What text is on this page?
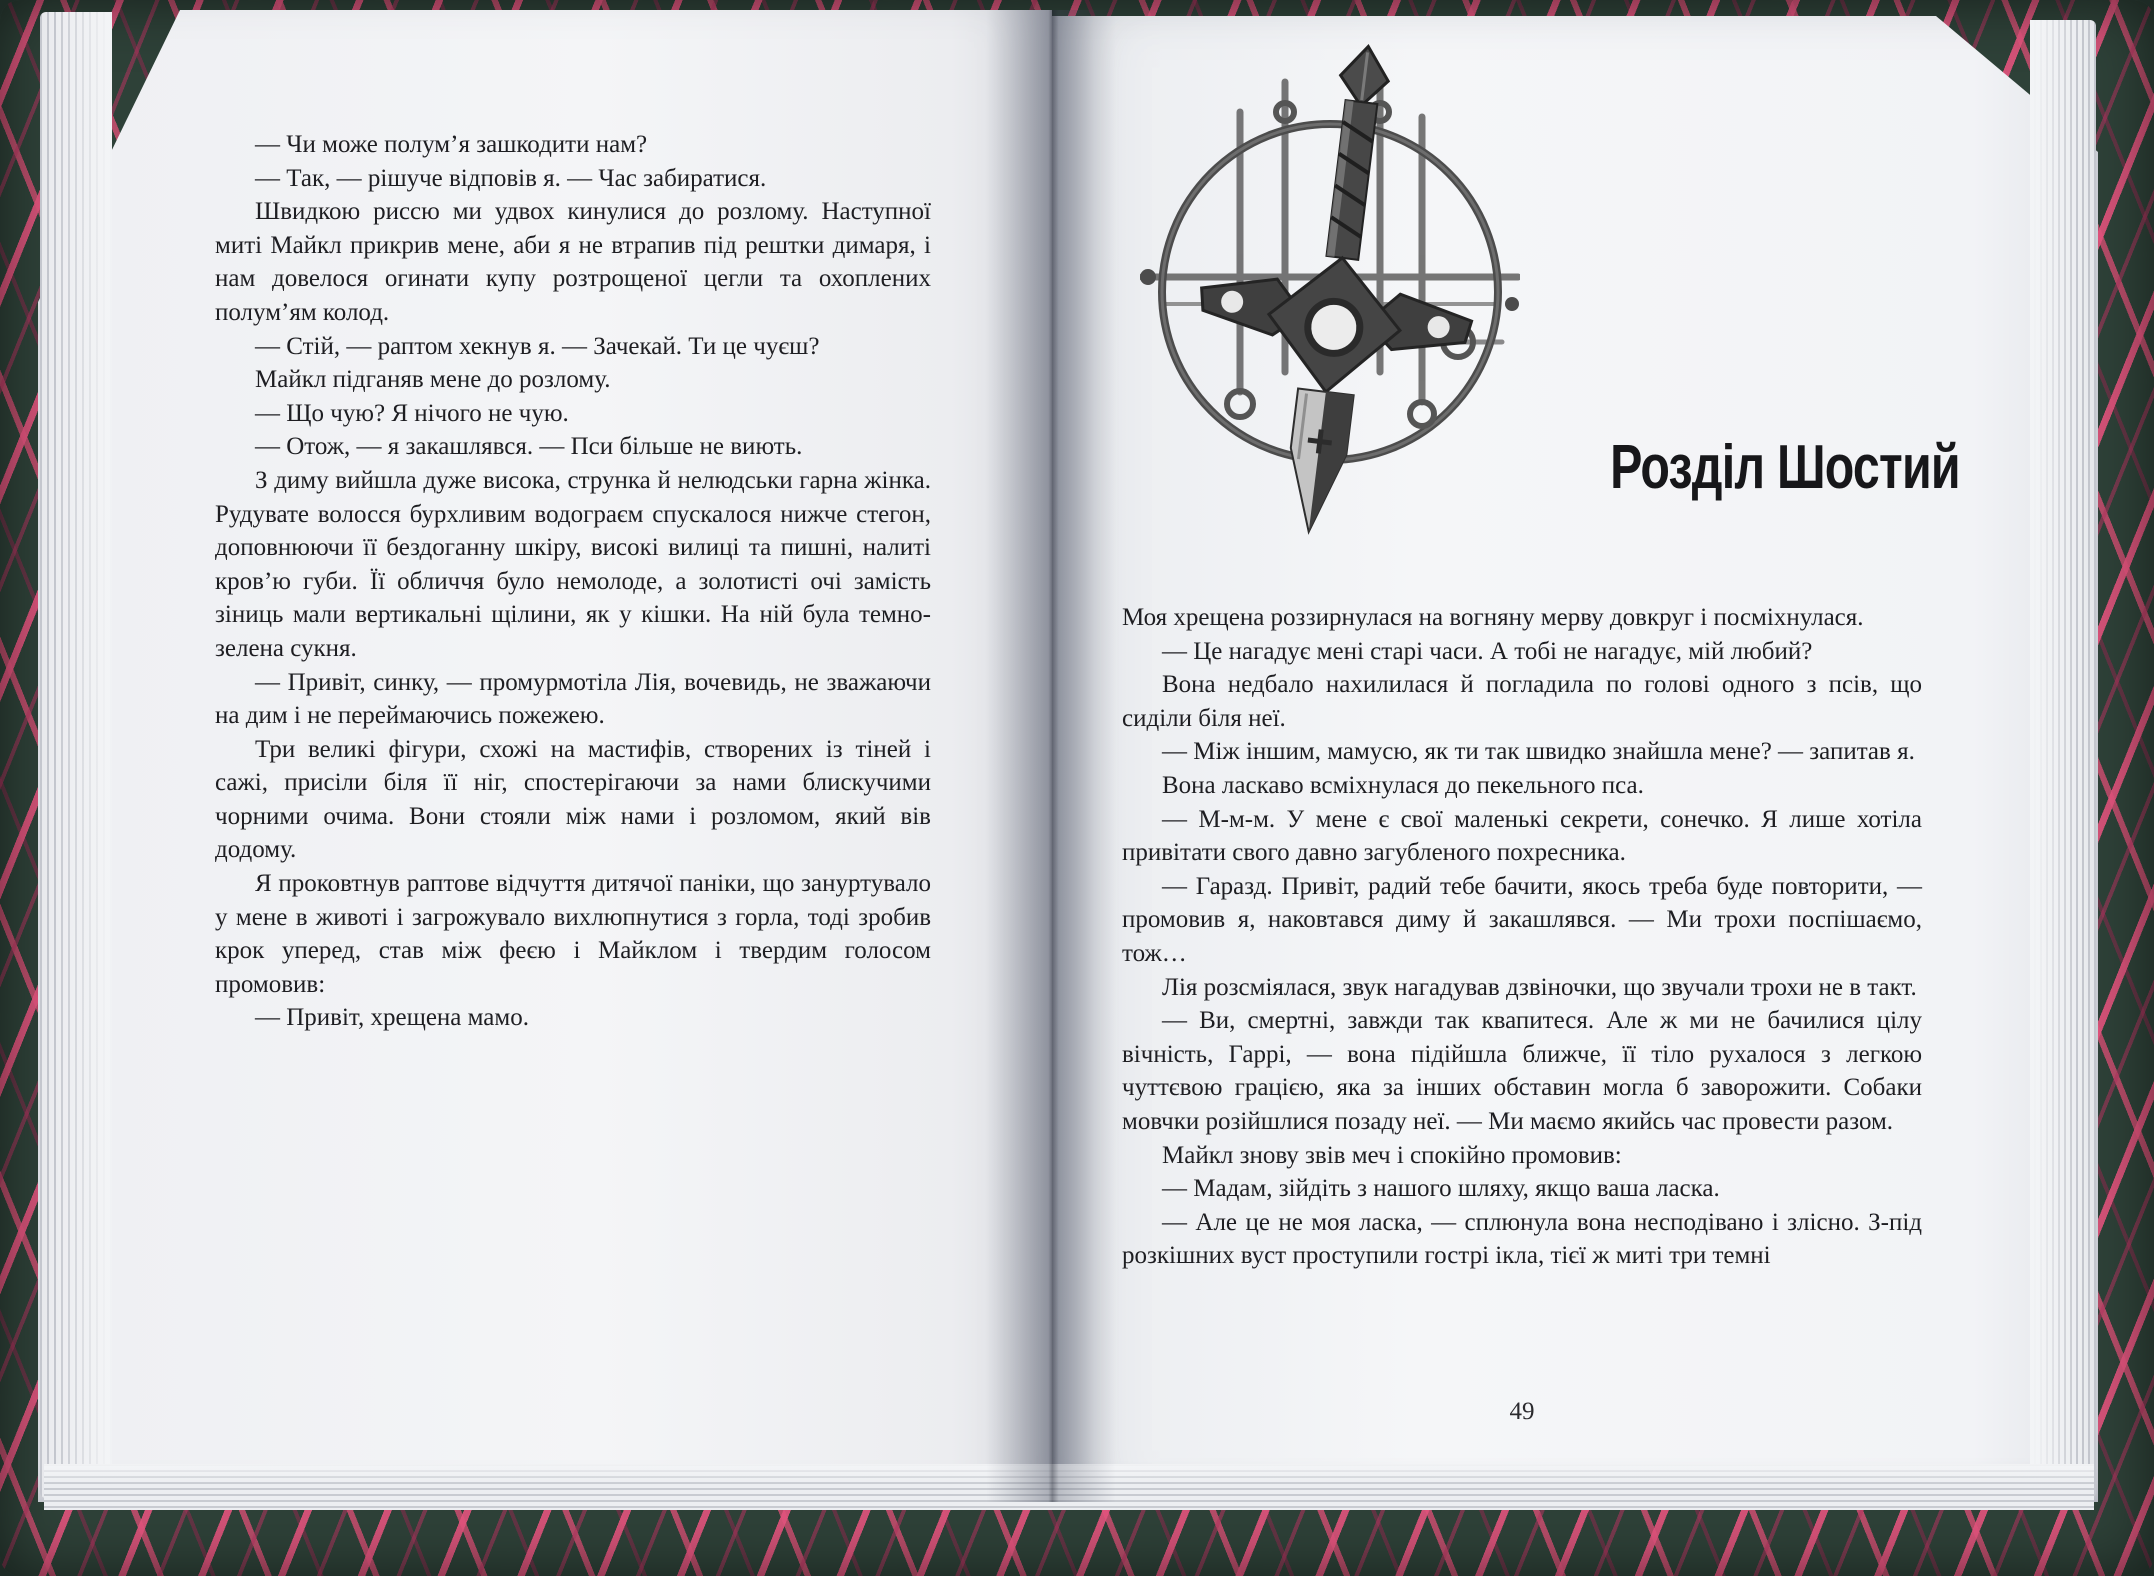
— Чи може полум’я зашкодити нам?

— Так, — рішуче відповів я. — Час забиратися.

Швидкою риссю ми удвох кинулися до розлому. Наступної миті Майкл прикрив мене, аби я не втрапив під рештки димаря, і нам довелося огинати купу розтрощеної цегли та охоплених полум’ям колод.

— Стій, — раптом хекнув я. — Зачекай. Ти це чуєш?

Майкл підганяв мене до розлому.

— Що чую? Я нічого не чую.

— Отож, — я закашлявся. — Пси більше не виють.

З диму вийшла дуже висока, струнка й нелюдськи гарна жінка. Рудувате волосся бурхливим водограєм спускалося нижче стегон, доповнюючи її бездоганну шкіру, високі вилиці та пишні, налиті кров’ю губи. Її обличчя було немолоде, а золотисті очі замість зіниць мали вертикальні щілини, як у кішки. На ній була темно-зелена сукня.

— Привіт, синку, — промурмотіла Лія, вочевидь, не зважаючи на дим і не переймаючись пожежею.

Три великі фігури, схожі на мастифів, створених із тіней і сажі, присіли біля її ніг, спостерігаючи за нами блискучими чорними очима. Вони стояли між нами і розломом, який вів додому.

Я проковтнув раптове відчуття дитячої паніки, що зануртувало у мене в животі і загрожувало вихлюпнутися з горла, тоді зробив крок уперед, став між феєю і Майклом і твердим голосом промовив:

— Привіт, хрещена мамо.

Розділ Шостий

Моя хрещена роззирнулася на вогняну мерву довкруг і посміхнулася.

— Це нагадує мені старі часи. А тобі не нагадує, мій любий?

Вона недбало нахилилася й погладила по голові одного з псів, що сиділи біля неї.

— Між іншим, мамусю, як ти так швидко знайшла мене? — запитав я.

Вона ласкаво всміхнулася до пекельного пса.

— М-м-м. У мене є свої маленькі секрети, сонечко. Я лише хотіла привітати свого давно загубленого похресника.

— Гаразд. Привіт, радий тебе бачити, якось треба буде повторити, — промовив я, наковтався диму й закашлявся. — Ми трохи поспішаємо, тож…

Лія розсміялася, звук нагадував дзвіночки, що звучали трохи не в такт.

— Ви, смертні, завжди так квапитеся. Але ж ми не бачилися цілу вічність, Гаррі, — вона підійшла ближче, її тіло рухалося з легкою чуттєвою грацією, яка за інших обставин могла б заворожити. Собаки мовчки розійшлися позаду неї. — Ми маємо якийсь час провести разом.

Майкл знову звів меч і спокійно промовив:

— Мадам, зійдіть з нашого шляху, якщо ваша ласка.

— Але це не моя ласка, — сплюнула вона несподівано і злісно. З-під розкішних вуст проступили гострі ікла, тієї ж миті три темні

49
